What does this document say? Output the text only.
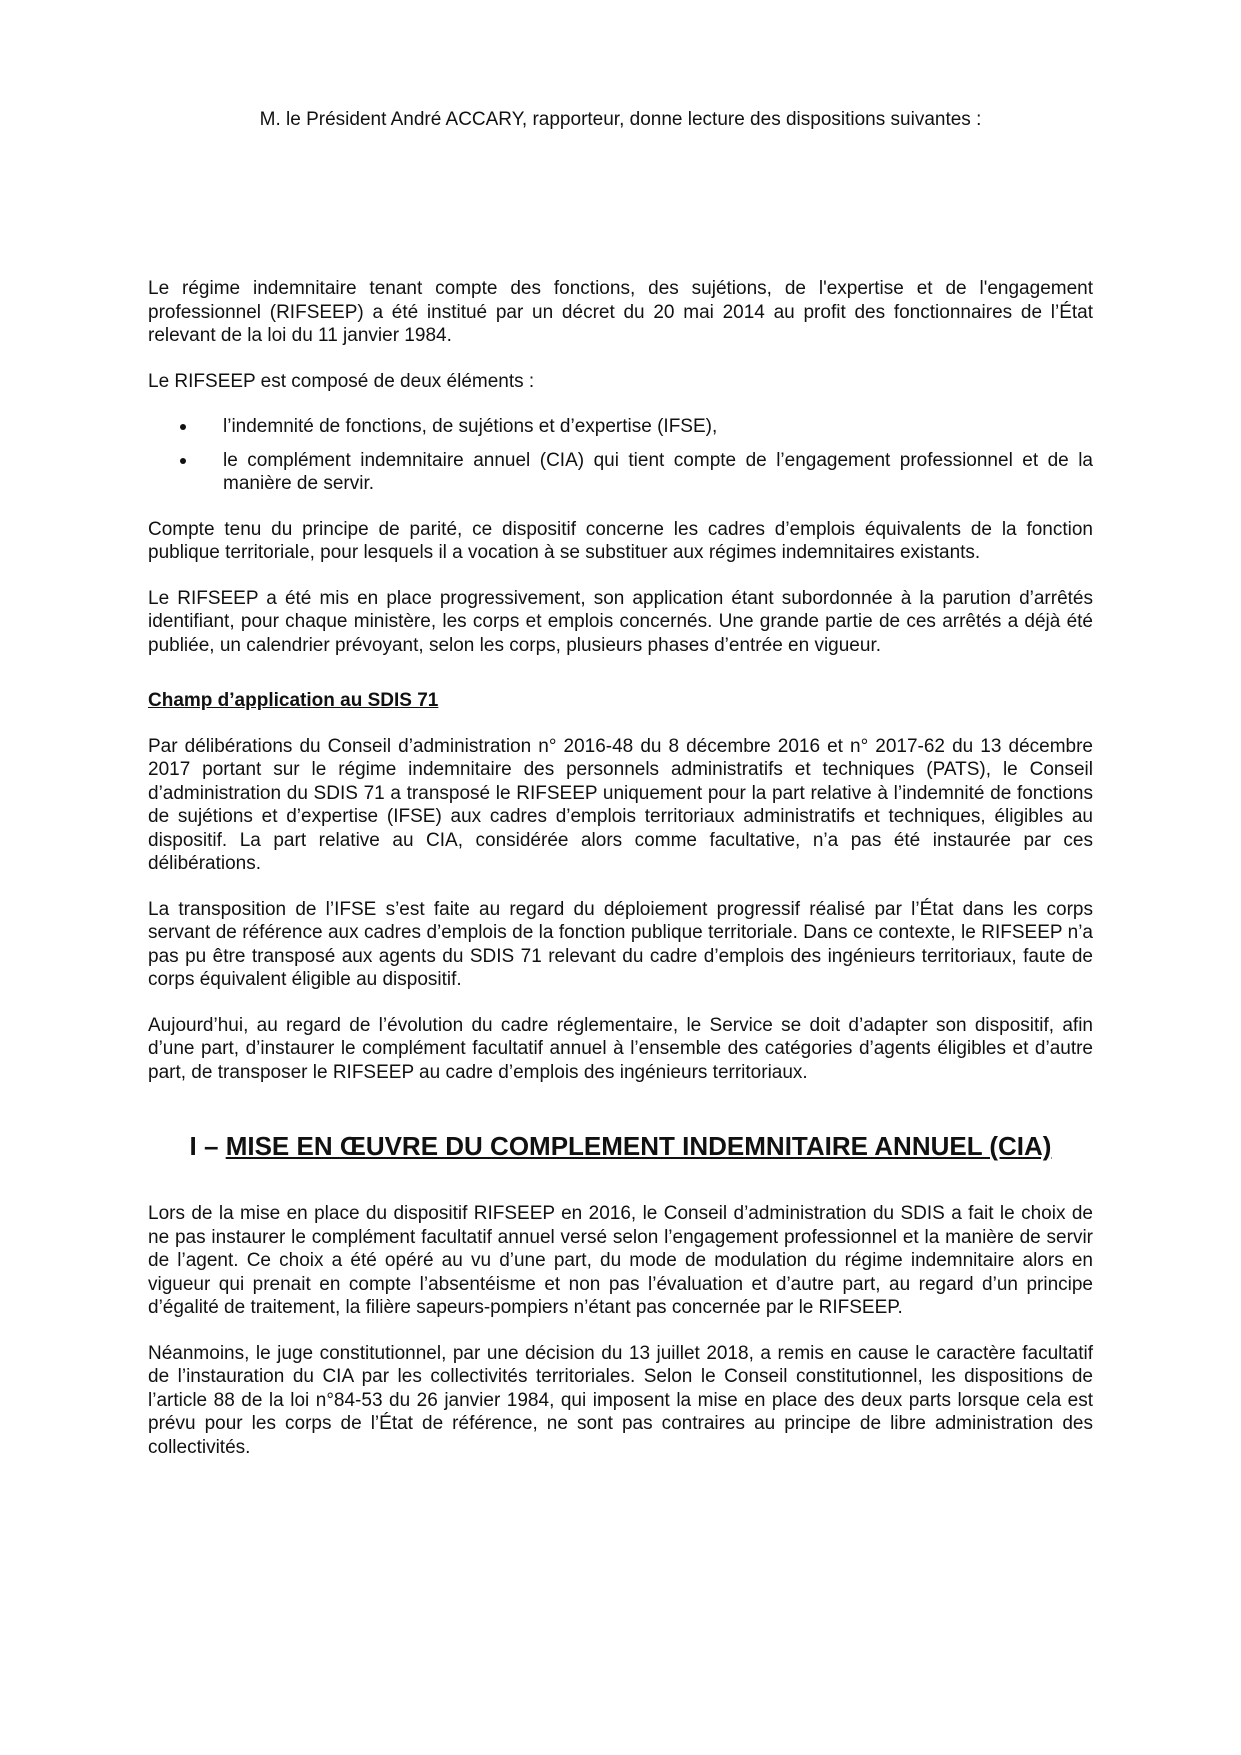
M. le Président André ACCARY, rapporteur, donne lecture des dispositions suivantes :

Le régime indemnitaire tenant compte des fonctions, des sujétions, de l'expertise et de l'engagement professionnel (RIFSEEP) a été institué par un décret du 20 mai 2014 au profit des fonctionnaires de l’État relevant de la loi du 11 janvier 1984.

Le RIFSEEP est composé de deux éléments :

l’indemnité de fonctions, de sujétions et d’expertise (IFSE),
le complément indemnitaire annuel (CIA) qui tient compte de l’engagement professionnel et de la manière de servir.

Compte tenu du principe de parité, ce dispositif concerne les cadres d’emplois équivalents de la fonction publique territoriale, pour lesquels il a vocation à se substituer aux régimes indemnitaires existants.

Le RIFSEEP a été mis en place progressivement, son application étant subordonnée à la parution d’arrêtés identifiant, pour chaque ministère, les corps et emplois concernés. Une grande partie de ces arrêtés a déjà été publiée, un calendrier prévoyant, selon les corps, plusieurs phases d’entrée en vigueur.

Champ d’application au SDIS 71

Par délibérations du Conseil d’administration n° 2016-48 du 8 décembre 2016 et n° 2017-62 du 13 décembre 2017 portant sur le régime indemnitaire des personnels administratifs et techniques (PATS), le Conseil d’administration du SDIS 71 a transposé le RIFSEEP uniquement pour la part relative à l’indemnité de fonctions de sujétions et d’expertise (IFSE) aux cadres d’emplois territoriaux administratifs et techniques, éligibles au dispositif. La part relative au CIA, considérée alors comme facultative, n’a pas été instaurée par ces délibérations.

La transposition de l’IFSE s’est faite au regard du déploiement progressif réalisé par l’État dans les corps servant de référence aux cadres d’emplois de la fonction publique territoriale. Dans ce contexte, le RIFSEEP n’a pas pu être transposé aux agents du SDIS 71 relevant du cadre d’emplois des ingénieurs territoriaux, faute de corps équivalent éligible au dispositif.

Aujourd’hui, au regard de l’évolution du cadre réglementaire, le Service se doit d’adapter son dispositif, afin d’une part, d’instaurer le complément facultatif annuel à l’ensemble des catégories d’agents éligibles et d’autre part, de transposer le RIFSEEP au cadre d’emplois des ingénieurs territoriaux.

I – MISE EN ŒUVRE DU COMPLEMENT INDEMNITAIRE ANNUEL (CIA)

Lors de la mise en place du dispositif RIFSEEP en 2016, le Conseil d’administration du SDIS a fait le choix de ne pas instaurer le complément facultatif annuel versé selon l’engagement professionnel et la manière de servir de l’agent. Ce choix a été opéré au vu d’une part, du mode de modulation du régime indemnitaire alors en vigueur qui prenait en compte l’absentéisme et non pas l’évaluation et d’autre part, au regard d’un principe d’égalité de traitement, la filière sapeurs-pompiers n’étant pas concernée par le RIFSEEP.

Néanmoins, le juge constitutionnel, par une décision du 13 juillet 2018, a remis en cause le caractère facultatif de l’instauration du CIA par les collectivités territoriales. Selon le Conseil constitutionnel, les dispositions de l’article 88 de la loi n°84-53 du 26 janvier 1984, qui imposent la mise en place des deux parts lorsque cela est prévu pour les corps de l’État de référence, ne sont pas contraires au principe de libre administration des collectivités.
